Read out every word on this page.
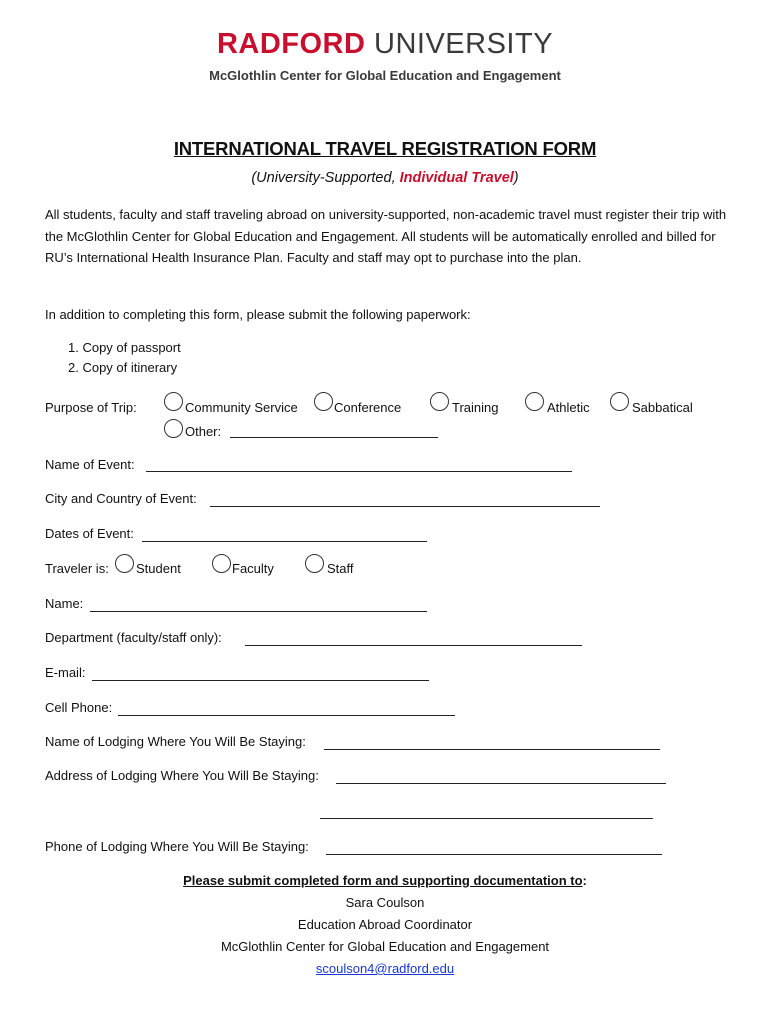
RADFORD UNIVERSITY
McGlothlin Center for Global Education and Engagement
INTERNATIONAL TRAVEL REGISTRATION FORM
(University-Supported, Individual Travel)
All students, faculty and staff traveling abroad on university-supported, non-academic travel must register their trip with the McGlothlin Center for Global Education and Engagement. All students will be automatically enrolled and billed for RU’s International Health Insurance Plan. Faculty and staff may opt to purchase into the plan.
In addition to completing this form, please submit the following paperwork:
1. Copy of passport
2. Copy of itinerary
Purpose of Trip:	Community Service	Conference	Training	Athletic	Sabbatical
Other:
Name of Event:
City and Country of Event:
Dates of Event:
Traveler is: Student	Faculty	Staff
Name:
Department (faculty/staff only):
E-mail:
Cell Phone:
Name of Lodging Where You Will Be Staying:
Address of Lodging Where You Will Be Staying:
Phone of Lodging Where You Will Be Staying:
Please submit completed form and supporting documentation to:
Sara Coulson
Education Abroad Coordinator
McGlothlin Center for Global Education and Engagement
scoulson4@radford.edu
